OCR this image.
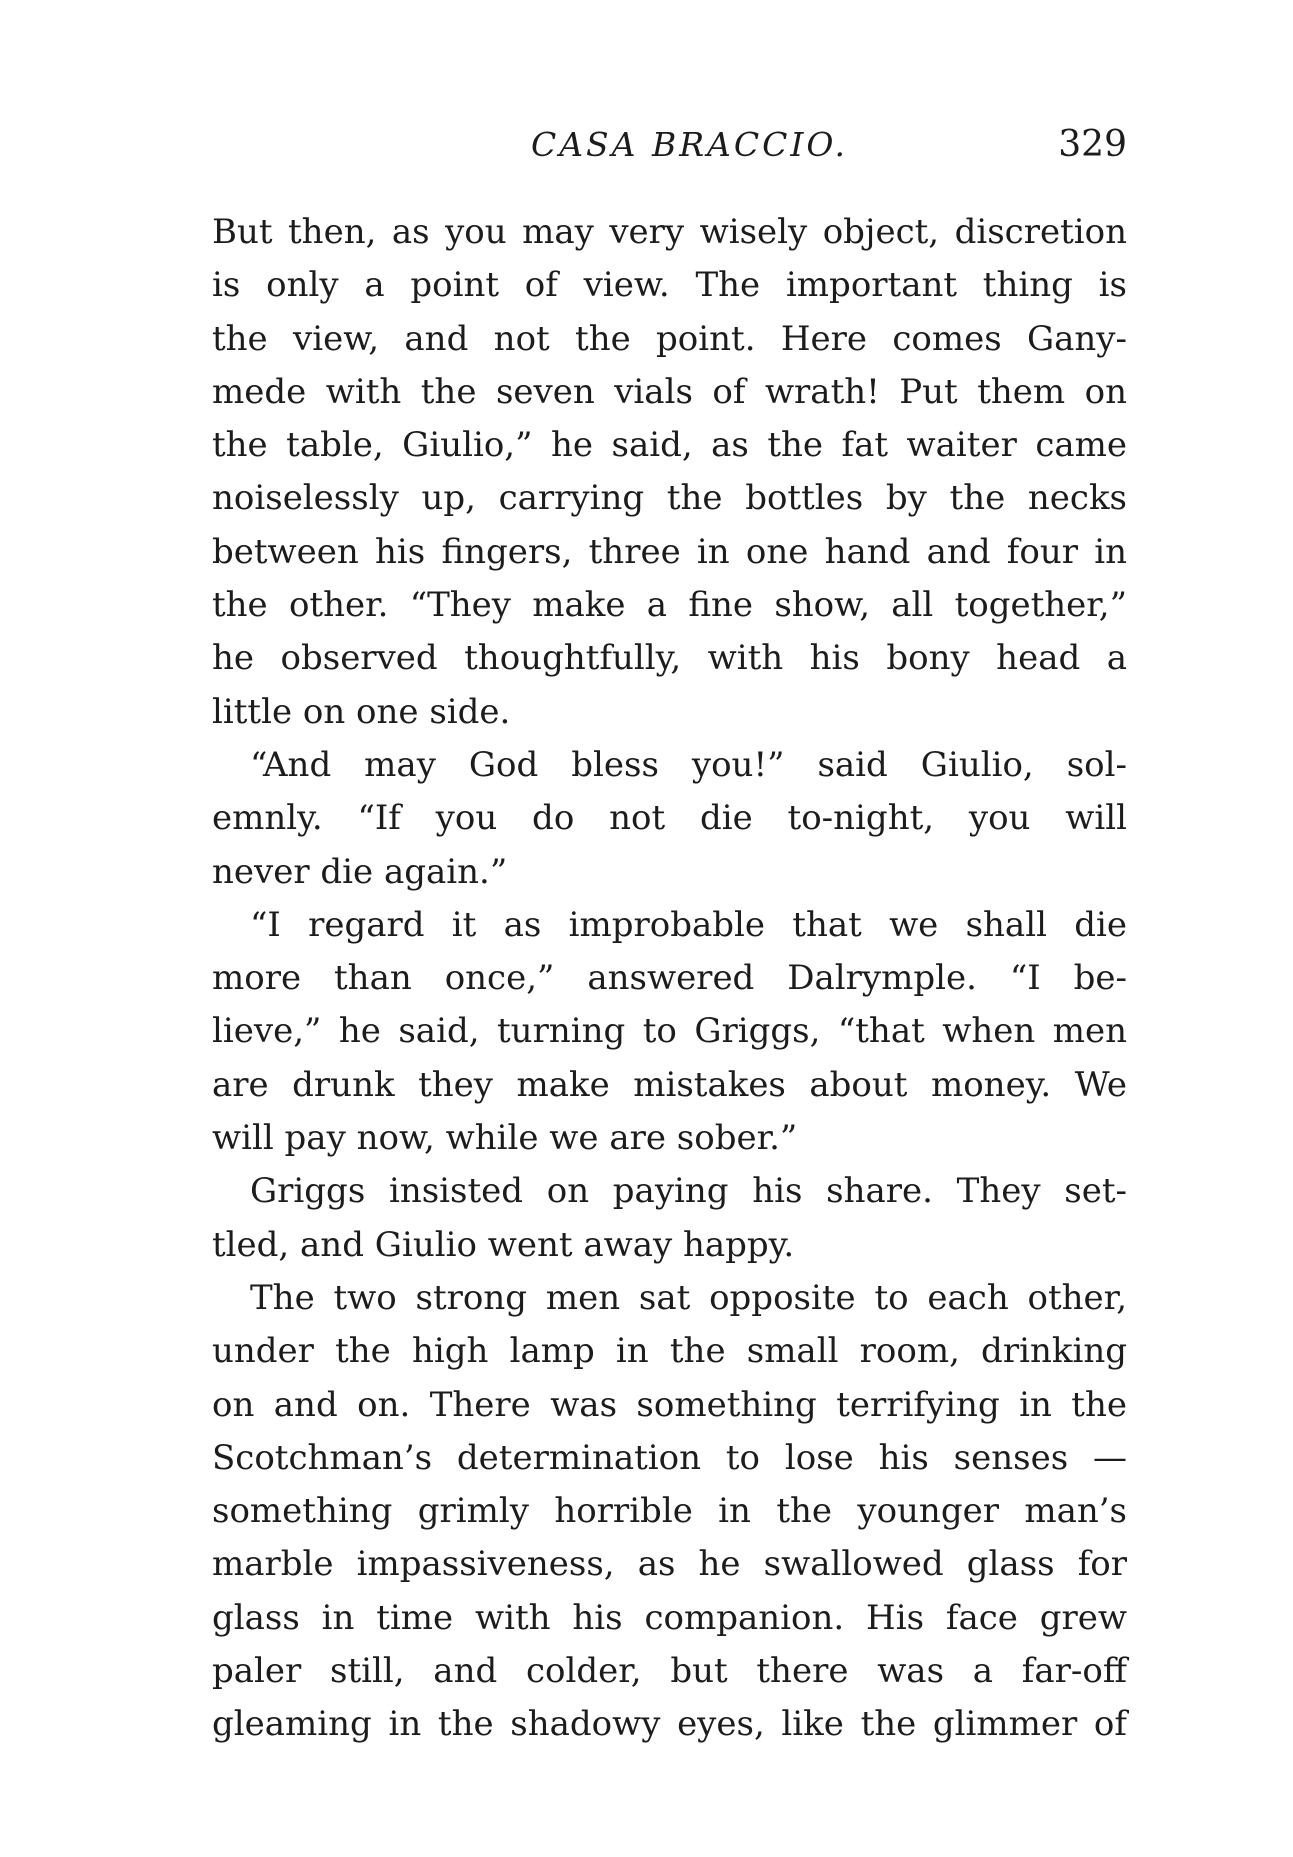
CASA BRACCIO.	329
But then, as you may very wisely object, discretion
is only a point of view. The important thing is
the view, and not the point. Here comes Gany-
mede with the seven vials of wrath! Put them on
the table, Giulio,” he said, as the fat waiter came
noiselessly up, carrying the bottles by the necks
between his fingers, three in one hand and four in
the other. “They make a fine show, all together,”
he observed thoughtfully, with his bony head a
little on one side.
“And may God bless you!” said Giulio, sol-
emnly. “If you do not die to-night, you will
never die again.”
“I regard it as improbable that we shall die
more than once,” answered Dalrymple. “I be-
lieve,” he said, turning to Griggs, “that when men
are drunk they make mistakes about money. We
will pay now, while we are sober.”
Griggs insisted on paying his share. They set-
tled, and Giulio went away happy.
The two strong men sat opposite to each other,
under the high lamp in the small room, drinking
on and on. There was something terrifying in the
Scotchman’s determination to lose his senses —
something grimly horrible in the younger man’s
marble impassiveness, as he swallowed glass for
glass in time with his companion. His face grew
paler still, and colder, but there was a far-off
gleaming in the shadowy eyes, like the glimmer of
